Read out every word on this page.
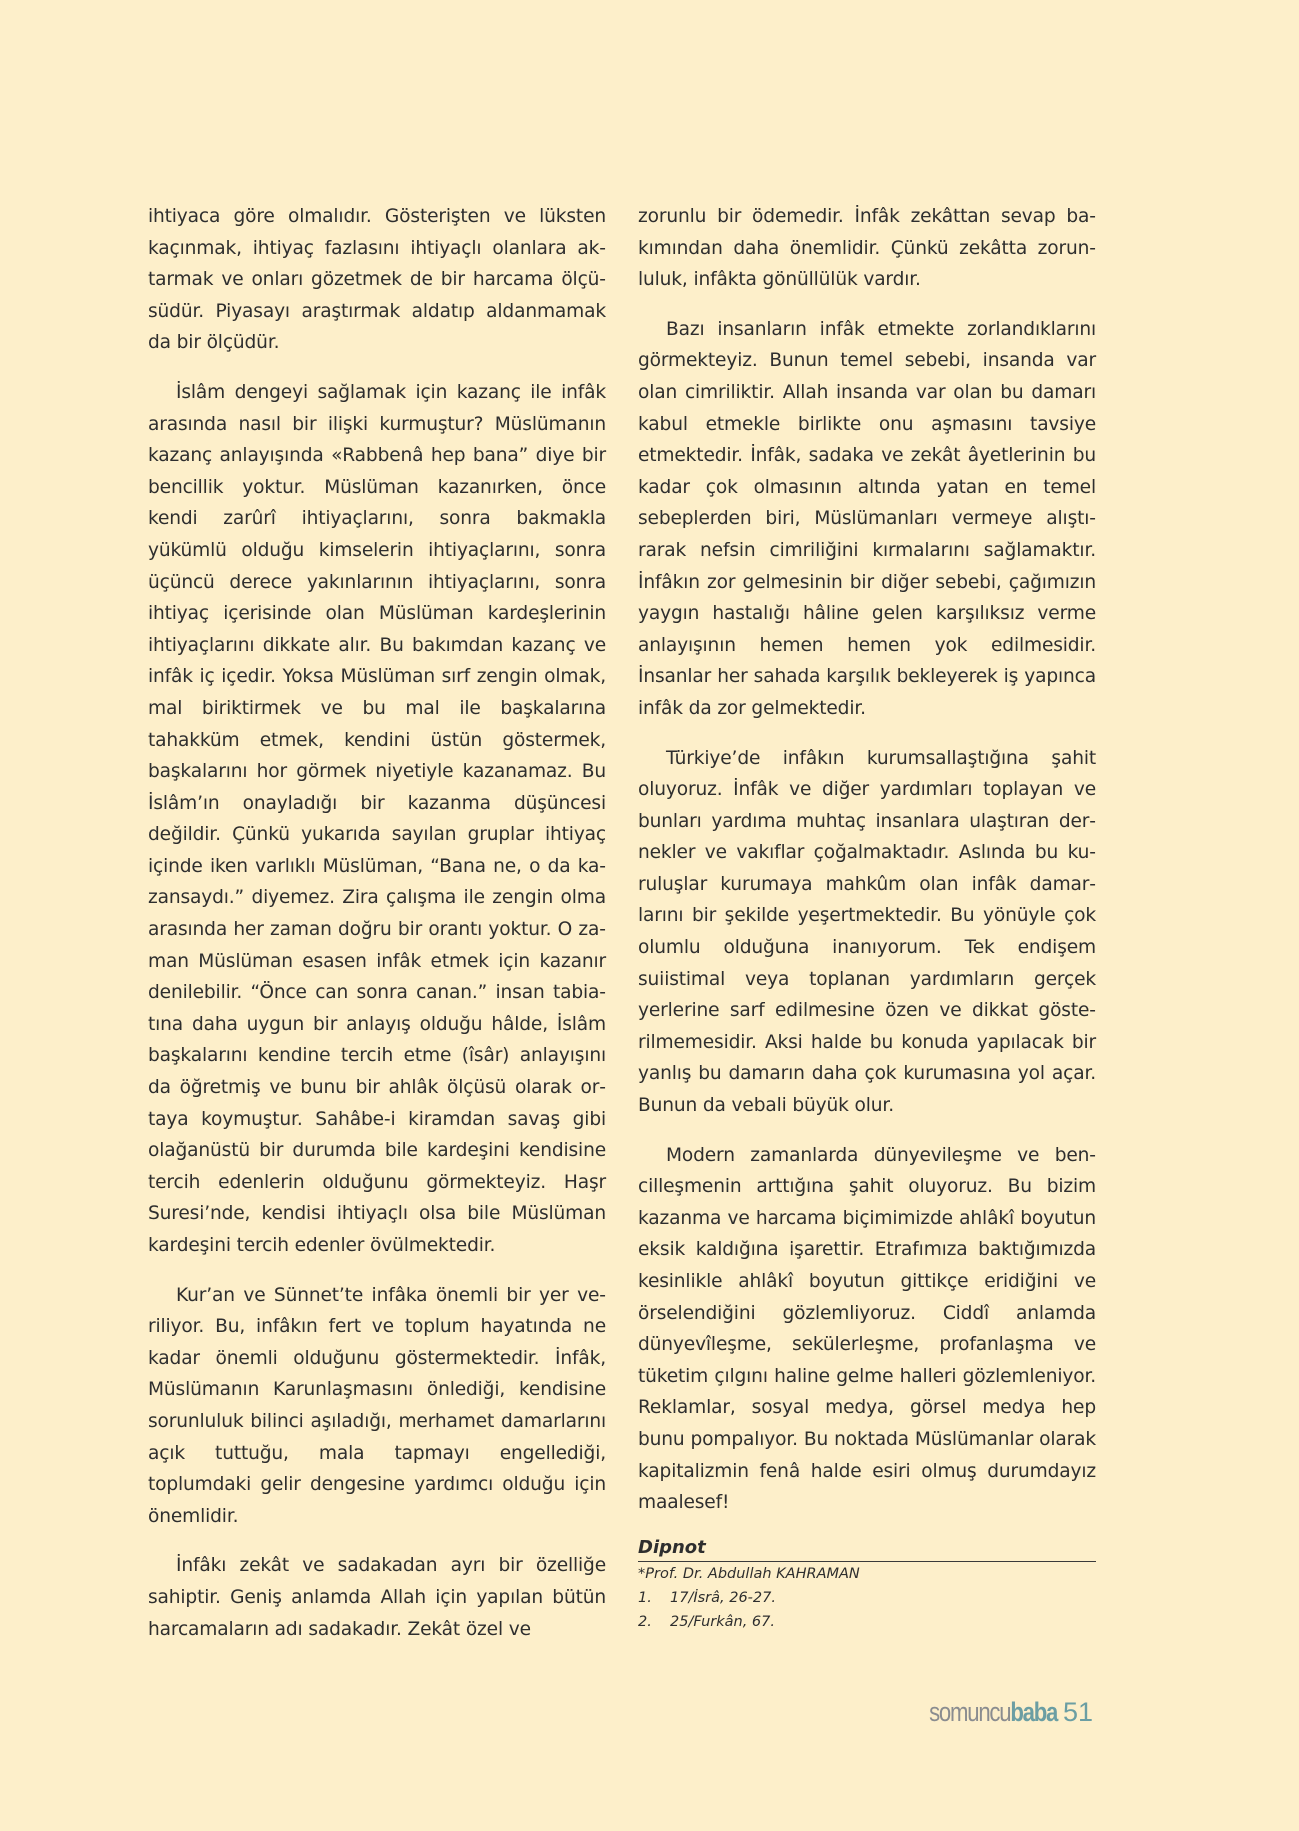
ihtiyaca göre olmalıdır. Gösterişten ve lüksten kaçınmak, ihtiyaç fazlasını ihtiyaçlı olanlara aktarmak ve onları gözetmek de bir harcama ölçüsüdür. Piyasayı araştırmak aldatıp aldanmamak da bir ölçüdür.

İslâm dengeyi sağlamak için kazanç ile infâk arasında nasıl bir ilişki kurmuştur? Müslümanın kazanç anlayışında «Rabbenâ hep bana” diye bir bencillik yoktur. Müslüman kazanırken, önce kendi zarûrî ihtiyaçlarını, sonra bakmakla yükümlü olduğu kimselerin ihtiyaçlarını, sonra üçüncü derece yakınlarının ihtiyaçlarını, sonra ihtiyaç içerisinde olan Müslüman kardeşlerinin ihtiyaçlarını dikkate alır. Bu bakımdan kazanç ve infâk iç içedir. Yoksa Müslüman sırf zengin olmak, mal biriktirmek ve bu mal ile başkalarına tahakküm etmek, kendini üstün göstermek, başkalarını hor görmek niyetiyle kazanamaz. Bu İslâm’ın onayladığı bir kazanma düşüncesi değildir. Çünkü yukarıda sayılan gruplar ihtiyaç içinde iken varlıklı Müslüman, “Bana ne, o da kazansaydı.” diyemez. Zira çalışma ile zengin olma arasında her zaman doğru bir orantı yoktur. O zaman Müslüman esasen infâk etmek için kazanır denilebilir. “Önce can sonra canan.” insan tabiatına daha uygun bir anlayış olduğu hâlde, İslâm başkalarını kendine tercih etme (îsâr) anlayışını da öğretmiş ve bunu bir ahlâk ölçüsü olarak ortaya koymuştur. Sahâbe-i kiramdan savaş gibi olağanüstü bir durumda bile kardeşini kendisine tercih edenlerin olduğunu görmekteyiz. Haşr Suresi’nde, kendisi ihtiyaçlı olsa bile Müslüman kardeşini tercih edenler övülmektedir.

Kur’an ve Sünnet’te infâka önemli bir yer veriliyor. Bu, infâkın fert ve toplum hayatında ne kadar önemli olduğunu göstermektedir. İnfâk, Müslümanın Karunlaşmasını önlediği, kendisine sorunluluk bilinci aşıladığı, merhamet damarlarını açık tuttuğu, mala tapmayı engellediği, toplumdaki gelir dengesine yardımcı olduğu için önemlidir.

İnfâkı zekât ve sadakadan ayrı bir özelliğe sahiptir. Geniş anlamda Allah için yapılan bütün harcamaların adı sadakadır. Zekât özel ve

zorunlu bir ödemedir. İnfâk zekâttan sevap bakımından daha önemlidir. Çünkü zekâtta zorunluluk, infâkta gönüllülük vardır.

Bazı insanların infâk etmekte zorlandıklarını görmekteyiz. Bunun temel sebebi, insanda var olan cimriliktir. Allah insanda var olan bu damarı kabul etmekle birlikte onu aşmasını tavsiye etmektedir. İnfâk, sadaka ve zekât âyetlerinin bu kadar çok olmasının altında yatan en temel sebeplerden biri, Müslümanları vermeye alıştırarak nefsin cimriliğini kırmalarını sağlamaktır. İnfâkın zor gelmesinin bir diğer sebebi, çağımızın yaygın hastalığı hâline gelen karşılıksız verme anlayışının hemen hemen yok edilmesidir. İnsanlar her sahada karşılık bekleyerek iş yapınca infâk da zor gelmektedir.

Türkiye’de infâkın kurumsallaştığına şahit oluyoruz. İnfâk ve diğer yardımları toplayan ve bunları yardıma muhtaç insanlara ulaştıran dernekler ve vakıflar çoğalmaktadır. Aslında bu kuruluşlar kurumaya mahkûm olan infâk damarlarını bir şekilde yeşertmektedir. Bu yönüyle çok olumlu olduğuna inanıyorum. Tek endişem suiistimal veya toplanan yardımların gerçek yerlerine sarf edilmesine özen ve dikkat gösterilmemesidir. Aksi halde bu konuda yapılacak bir yanlış bu damarın daha çok kurumasına yol açar. Bunun da vebali büyük olur.

Modern zamanlarda dünyevileşme ve bencilleşmenin arttığına şahit oluyoruz. Bu bizim kazanma ve harcama biçimimizde ahlâkî boyutun eksik kaldığına işarettir. Etrafımıza baktığımızda kesinlikle ahlâkî boyutun gittikçe eridiğini ve örselendiğini gözlemliyoruz. Ciddî anlamda dünyevîleşme, sekülerleşme, profanlaşma ve tüketim çılgını haline gelme halleri gözlemleniyor. Reklamlar, sosyal medya, görsel medya hep bunu pompalıyor. Bu noktada Müslümanlar olarak kapitalizmin fenâ halde esiri olmuş durumdayız maalesef!

Dipnot
*Prof. Dr. Abdullah KAHRAMAN
1.	17/İsrâ, 26-27.
2.	25/Furkân, 67.
somuncubaba 51
